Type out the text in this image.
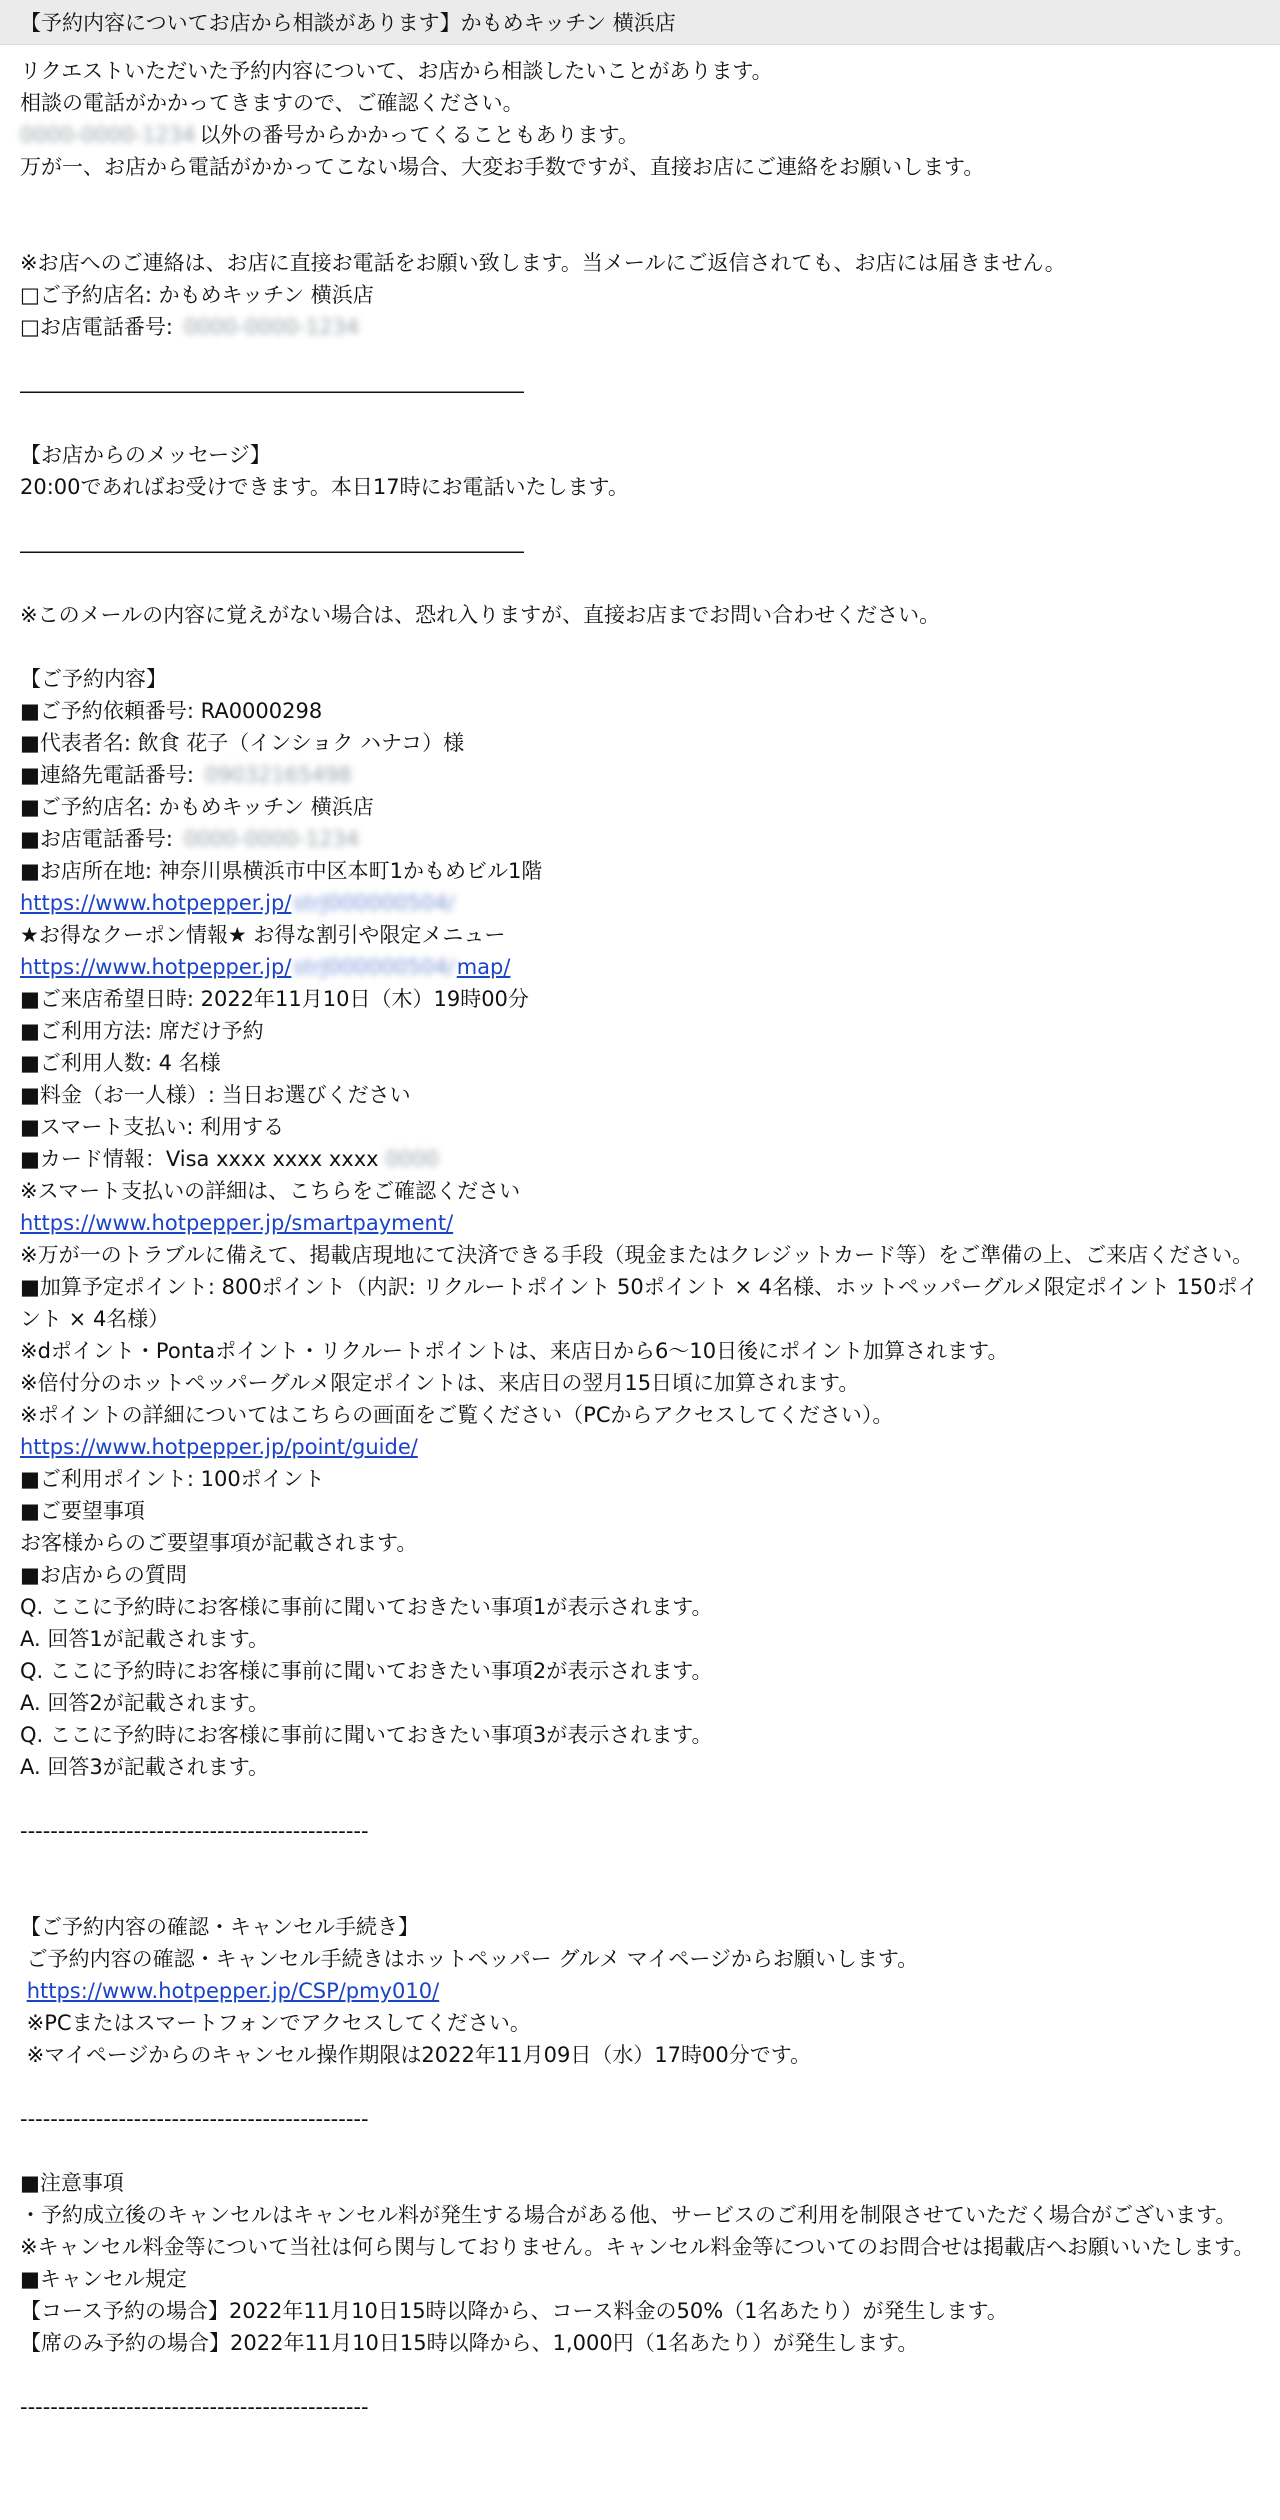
【予約内容についてお店から相談があります】かもめキッチン 横浜店
リクエストいただいた予約内容について、お店から相談したいことがあります。
相談の電話がかかってきますので、ご確認ください。
0000-0000-1234 以外の番号からかかってくることもあります。
万が一、お店から電話がかかってこない場合、大変お手数ですが、直接お店にご連絡をお願いします。
※お店へのご連絡は、お店に直接お電話をお願い致します。当メールにご返信されても、お店には届きません。
□ご予約店名: かもめキッチン 横浜店
□お店電話番号: 0000-0000-1234
――――――――――――――――――――――――
【お店からのメッセージ】
20:00であればお受けできます。本日17時にお電話いたします。
――――――――――――――――――――――――
※このメールの内容に覚えがない場合は、恐れ入りますが、直接お店までお問い合わせください。
【ご予約内容】
■ご予約依頼番号: RA0000298
■代表者名: 飲食 花子（インショク ハナコ）様
■連絡先電話番号: 09032165498
■ご予約店名: かもめキッチン 横浜店
■お店電話番号: 0000-0000-1234
■お店所在地: 神奈川県横浜市中区本町1かもめビル1階
https://www.hotpepper.jp/strJ000000504/
★お得なクーポン情報★ お得な割引や限定メニュー
https://www.hotpepper.jp/strJ000000504/map/
■ご来店希望日時: 2022年11月10日（木）19時00分
■ご利用方法: 席だけ予約
■ご利用人数: 4 名様
■料金（お一人様）: 当日お選びください
■スマート支払い: 利用する
■カード情報：Visa xxxx xxxx xxxx 0000
※スマート支払いの詳細は、こちらをご確認ください
https://www.hotpepper.jp/smartpayment/
※万が一のトラブルに備えて、掲載店現地にて決済できる手段（現金またはクレジットカード等）をご準備の上、ご来店ください。
■加算予定ポイント: 800ポイント（内訳: リクルートポイント 50ポイント × 4名様、ホットペッパーグルメ限定ポイント 150ポイント × 4名様）
※dポイント・Pontaポイント・リクルートポイントは、来店日から6～10日後にポイント加算されます。
※倍付分のホットペッパーグルメ限定ポイントは、来店日の翌月15日頃に加算されます。
※ポイントの詳細についてはこちらの画面をご覧ください（PCからアクセスしてください）。
https://www.hotpepper.jp/point/guide/
■ご利用ポイント: 100ポイント
■ご要望事項
お客様からのご要望事項が記載されます。
■お店からの質問
Q. ここに予約時にお客様に事前に聞いておきたい事項1が表示されます。
A. 回答1が記載されます。
Q. ここに予約時にお客様に事前に聞いておきたい事項2が表示されます。
A. 回答2が記載されます。
Q. ここに予約時にお客様に事前に聞いておきたい事項3が表示されます。
A. 回答3が記載されます。
----------------------------------------------
【ご予約内容の確認・キャンセル手続き】
ご予約内容の確認・キャンセル手続きはホットペッパー グルメ マイページからお願いします。
https://www.hotpepper.jp/CSP/pmy010/
※PCまたはスマートフォンでアクセスしてください。
※マイページからのキャンセル操作期限は2022年11月09日（水）17時00分です。
----------------------------------------------
■注意事項
・予約成立後のキャンセルはキャンセル料が発生する場合がある他、サービスのご利用を制限させていただく場合がございます。
※キャンセル料金等について当社は何ら関与しておりません。キャンセル料金等についてのお問合せは掲載店へお願いいたします。
■キャンセル規定
【コース予約の場合】2022年11月10日15時以降から、コース料金の50%（1名あたり）が発生します。
【席のみ予約の場合】2022年11月10日15時以降から、1,000円（1名あたり）が発生します。
----------------------------------------------
